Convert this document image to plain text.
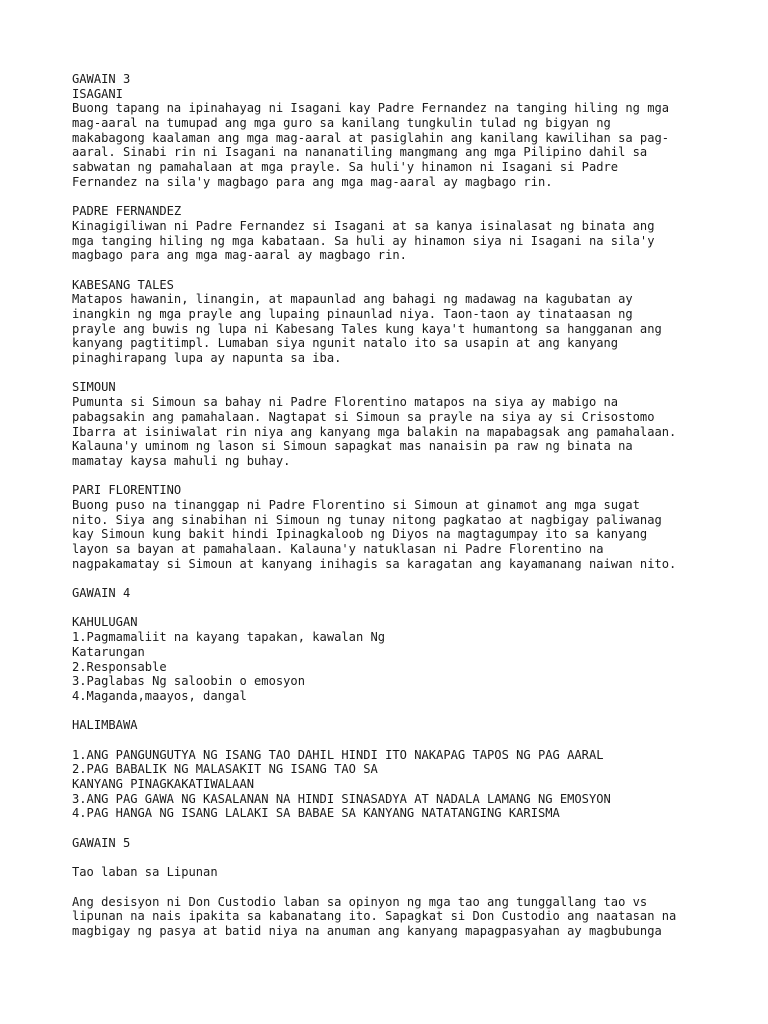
GAWAIN 3
ISAGANI
Buong tapang na ipinahayag ni Isagani kay Padre Fernandez na tanging hiling ng mga
mag-aaral na tumupad ang mga guro sa kanilang tungkulin tulad ng bigyan ng
makabagong kaalaman ang mga mag-aaral at pasiglahin ang kanilang kawilihan sa pag-
aaral. Sinabi rin ni Isagani na nananatiling mangmang ang mga Pilipino dahil sa
sabwatan ng pamahalaan at mga prayle. Sa huli'y hinamon ni Isagani si Padre
Fernandez na sila'y magbago para ang mga mag-aaral ay magbago rin.
PADRE FERNANDEZ
Kinagigiliwan ni Padre Fernandez si Isagani at sa kanya isinalasat ng binata ang
mga tanging hiling ng mga kabataan. Sa huli ay hinamon siya ni Isagani na sila'y
magbago para ang mga mag-aaral ay magbago rin.
KABESANG TALES
Matapos hawanin, linangin, at mapaunlad ang bahagi ng madawag na kagubatan ay
inangkin ng mga prayle ang lupaing pinaunlad niya. Taon-taon ay tinataasan ng
prayle ang buwis ng lupa ni Kabesang Tales kung kaya't humantong sa hangganan ang
kanyang pagtitimpl. Lumaban siya ngunit natalo ito sa usapin at ang kanyang
pinaghirapang lupa ay napunta sa iba.
SIMOUN
Pumunta si Simoun sa bahay ni Padre Florentino matapos na siya ay mabigo na
pabagsakin ang pamahalaan. Nagtapat si Simoun sa prayle na siya ay si Crisostomo
Ibarra at isiniwalat rin niya ang kanyang mga balakin na mapabagsak ang pamahalaan.
Kalauna'y uminom ng lason si Simoun sapagkat mas nanaisin pa raw ng binata na
mamatay kaysa mahuli ng buhay.
PARI FLORENTINO
Buong puso na tinanggap ni Padre Florentino si Simoun at ginamot ang mga sugat
nito. Siya ang sinabihan ni Simoun ng tunay nitong pagkatao at nagbigay paliwanag
kay Simoun kung bakit hindi Ipinagkaloob ng Diyos na magtagumpay ito sa kanyang
layon sa bayan at pamahalaan. Kalauna'y natuklasan ni Padre Florentino na
nagpakamatay si Simoun at kanyang inihagis sa karagatan ang kayamanang naiwan nito.
GAWAIN 4
KAHULUGAN
1.Pagmamaliit na kayang tapakan, kawalan Ng
Katarungan
2.Responsable
3.Paglabas Ng saloobin o emosyon
4.Maganda,maayos, dangal
HALIMBAWA
1.ANG PANGUNGUTYA NG ISANG TAO DAHIL HINDI ITO NAKAPAG TAPOS NG PAG AARAL
2.PAG BABALIK NG MALASAKIT NG ISANG TAO SA
KANYANG PINAGKAKATIWALAAN
3.ANG PAG GAWA NG KASALANAN NA HINDI SINASADYA AT NADALA LAMANG NG EMOSYON
4.PAG HANGA NG ISANG LALAKI SA BABAE SA KANYANG NATATANGING KARISMA
GAWAIN 5
Tao laban sa Lipunan
Ang desisyon ni Don Custodio laban sa opinyon ng mga tao ang tunggallang tao vs
lipunan na nais ipakita sa kabanatang ito. Sapagkat si Don Custodio ang naatasan na
magbigay ng pasya at batid niya na anuman ang kanyang mapagpasyahan ay magbubunga
